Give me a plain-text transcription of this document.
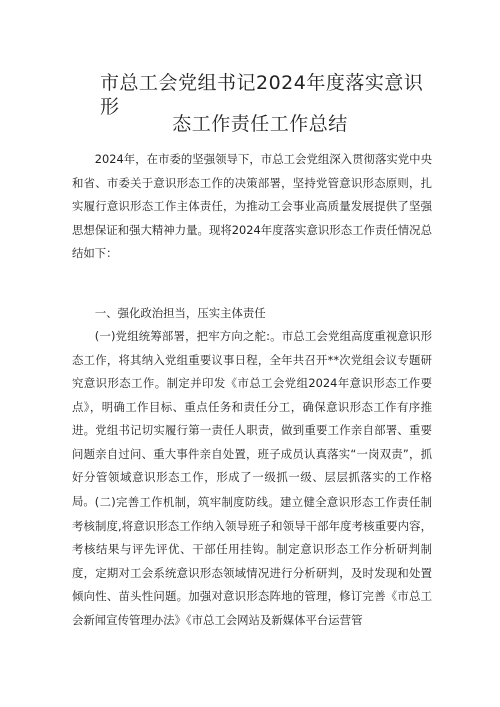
市总工会党组书记2024年度落实意识形
态工作责任工作总结

2024年，在市委的坚强领导下，市总工会党组深入贯彻落实党中央和省、市委关于意识形态工作的决策部署，坚持党管意识形态原则，扎实履行意识形态工作主体责任，为推动工会事业高质量发展提供了坚强思想保证和强大精神力量。现将2024年度落实意识形态工作责任情况总结如下：

一、强化政治担当，压实主体责任

(一)党组统筹部署，把牢方向之舵:。市总工会党组高度重视意识形态工作，将其纳入党组重要议事日程，全年共召开**次党组会议专题研究意识形态工作。制定并印发《市总工会党组2024年意识形态工作要点》，明确工作目标、重点任务和责任分工，确保意识形态工作有序推进。党组书记切实履行第一责任人职责，做到重要工作亲自部署、重要问题亲自过问、重大事件亲自处置，班子成员认真落实“一岗双责”，抓好分管领域意识形态工作，形成了一级抓一级、层层抓落实的工作格局。 (二)完善工作机制，筑牢制度防线。建立健全意识形态工作责任制考核制度,将意识形态工作纳入领导班子和领导干部年度考核重要内容，考核结果与评先评优、干部任用挂钩。制定意识形态工作分析研判制度，定期对工会系统意识形态领域情况进行分析研判，及时发现和处置倾向性、苗头性问题。加强对意识形态阵地的管理，修订完善《市总工会新闻宣传管理办法》《市总工会网站及新媒体平台运营管
